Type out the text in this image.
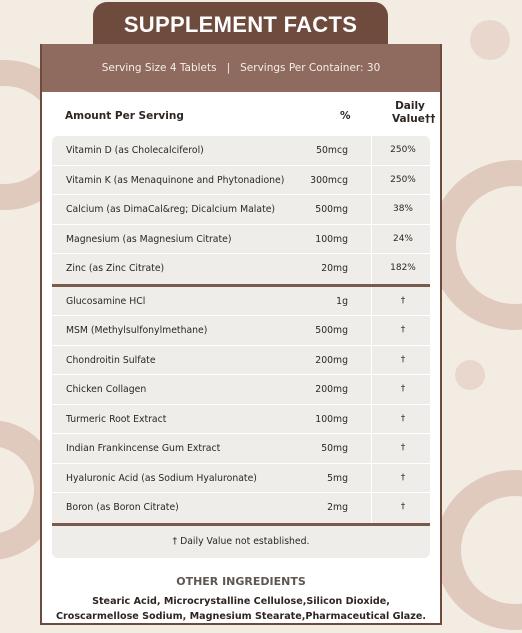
SUPPLEMENT FACTS
Serving Size 4 Tablets | Servings Per Container: 30
Amount Per Serving	%
Daily
Value††
Vitamin D (as Cholecalciferol)	50mcg	250%
Vitamin K (as Menaquinone and Phytonadione)	300mcg	250%
Calcium (as DimaCal&reg; Dicalcium Malate)	500mg	38%
Magnesium (as Magnesium Citrate)	100mg	24%
Zinc (as Zinc Citrate)	20mg	182%
Glucosamine HCl	1g	†
MSM (Methylsulfonylmethane)	500mg	†
Chondroitin Sulfate	200mg	†
Chicken Collagen	200mg	†
Turmeric Root Extract	100mg	†
Indian Frankincense Gum Extract	50mg	†
Hyaluronic Acid (as Sodium Hyaluronate)	5mg	†
Boron (as Boron Citrate)	2mg	†
† Daily Value not established.
OTHER INGREDIENTS
Stearic Acid, Microcrystalline Cellulose,Silicon Dioxide,
Croscarmellose Sodium, Magnesium Stearate,Pharmaceutical Glaze.
